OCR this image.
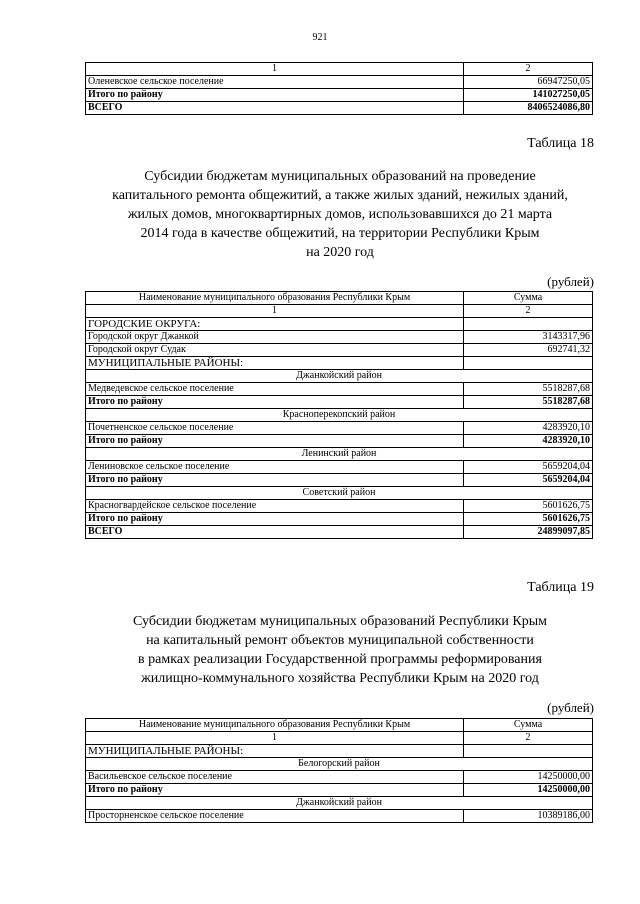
921
1	2
Оленевское сельское поселение	66947250,05
Итого по району	141027250,05
ВСЕГО	8406524086,80
Таблица 18
Субсидии бюджетам муниципальных образований на проведение
капитального ремонта общежитий, а также жилых зданий, нежилых зданий,
жилых домов, многоквартирных домов, использовавшихся до 21 марта
2014 года в качестве общежитий, на территории Республики Крым
на 2020 год
(рублей)
Наименование муниципального образования Республики Крым	Сумма
1	2
ГОРОДСКИЕ ОКРУГА:	
Городской округ Джанкой	3143317,96
Городской округ Судак	692741,32
МУНИЦИПАЛЬНЫЕ РАЙОНЫ:	
Джанкойский район	
Медведевское сельское поселение	5518287,68
Итого по району	5518287,68
Красноперекопский район	
Почетненское сельское поселение	4283920,10
Итого по району	4283920,10
Ленинский район	
Лениновское сельское поселение	5659204,04
Итого по району	5659204,04
Советский район	
Красногвардейское сельское поселение	5601626,75
Итого по району	5601626,75
ВСЕГО	24899097,85
Таблица 19
Субсидии бюджетам муниципальных образований Республики Крым
на капитальный ремонт объектов муниципальной собственности
в рамках реализации Государственной программы реформирования
жилищно-коммунального хозяйства Республики Крым на 2020 год
(рублей)
Наименование муниципального образования Республики Крым	Сумма
1	2
МУНИЦИПАЛЬНЫЕ РАЙОНЫ:	
Белогорский район	
Васильевское сельское поселение	14250000,00
Итого по району	14250000,00
Джанкойский район	
Просторненское сельское поселение	10389186,00
